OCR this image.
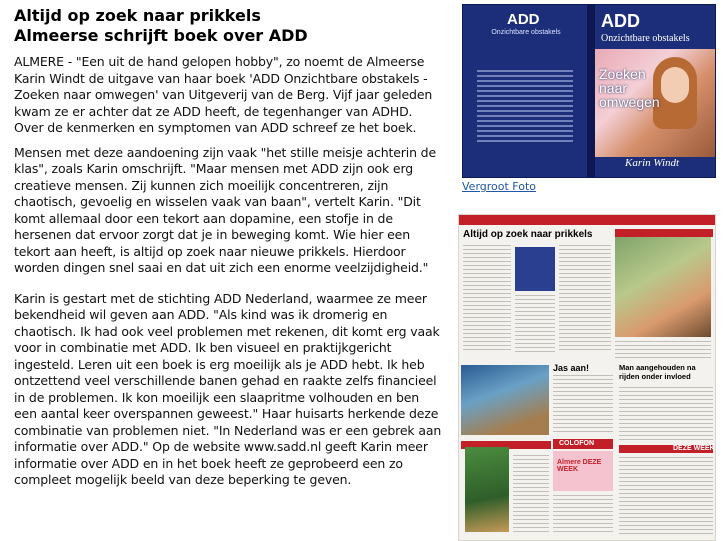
Altijd op zoek naar prikkels
Almeerse schrijft boek over ADD

ALMERE - "Een uit de hand gelopen hobby", zo noemt de Almeerse Karin Windt de uitgave van haar boek 'ADD Onzichtbare obstakels - Zoeken naar omwegen' van Uitgeverij van de Berg. Vijf jaar geleden kwam ze er achter dat ze ADD heeft, de tegenhanger van ADHD. Over de kenmerken en symptomen van ADD schreef ze het boek.

Mensen met deze aandoening zijn vaak "het stille meisje achterin de klas", zoals Karin omschrijft. "Maar mensen met ADD zijn ook erg creatieve mensen. Zij kunnen zich moeilijk concentreren, zijn chaotisch, gevoelig en wisselen vaak van baan", vertelt Karin. "Dit komt allemaal door een tekort aan dopamine, een stofje in de hersenen dat ervoor zorgt dat je in beweging komt. Wie hier een tekort aan heeft, is altijd op zoek naar nieuwe prikkels. Hierdoor worden dingen snel saai en dat uit zich een enorme veelzijdigheid."

Karin is gestart met de stichting ADD Nederland, waarmee ze meer bekendheid wil geven aan ADD. "Als kind was ik dromerig en chaotisch. Ik had ook veel problemen met rekenen, dit komt erg vaak voor in combinatie met ADD. Ik ben visueel en praktijkgericht ingesteld. Leren uit een boek is erg moeilijk als je ADD hebt. Ik heb ontzettend veel verschillende banen gehad en raakte zelfs financieel in de problemen. Ik kon moeilijk een slaapritme volhouden en ben een aantal keer overspannen geweest." Haar huisarts herkende deze combinatie van problemen niet. "In Nederland was er een gebrek aan informatie over ADD." Op de website www.sadd.nl geeft Karin meer informatie over ADD en in het boek heeft ze geprobeerd een zo compleet mogelijk beeld van deze beperking te geven.

ADD
Onzichtbare obstakels
ADD
Onzichtbare obstakels
Zoeken naar omwegen
Karin Windt
Vergroot Foto
Altijd op zoek naar prikkels
Jas aan!	Man aangehouden na rijden onder invloed
COLOFON
Almere DEZE WEEK
DEZE WEEK
